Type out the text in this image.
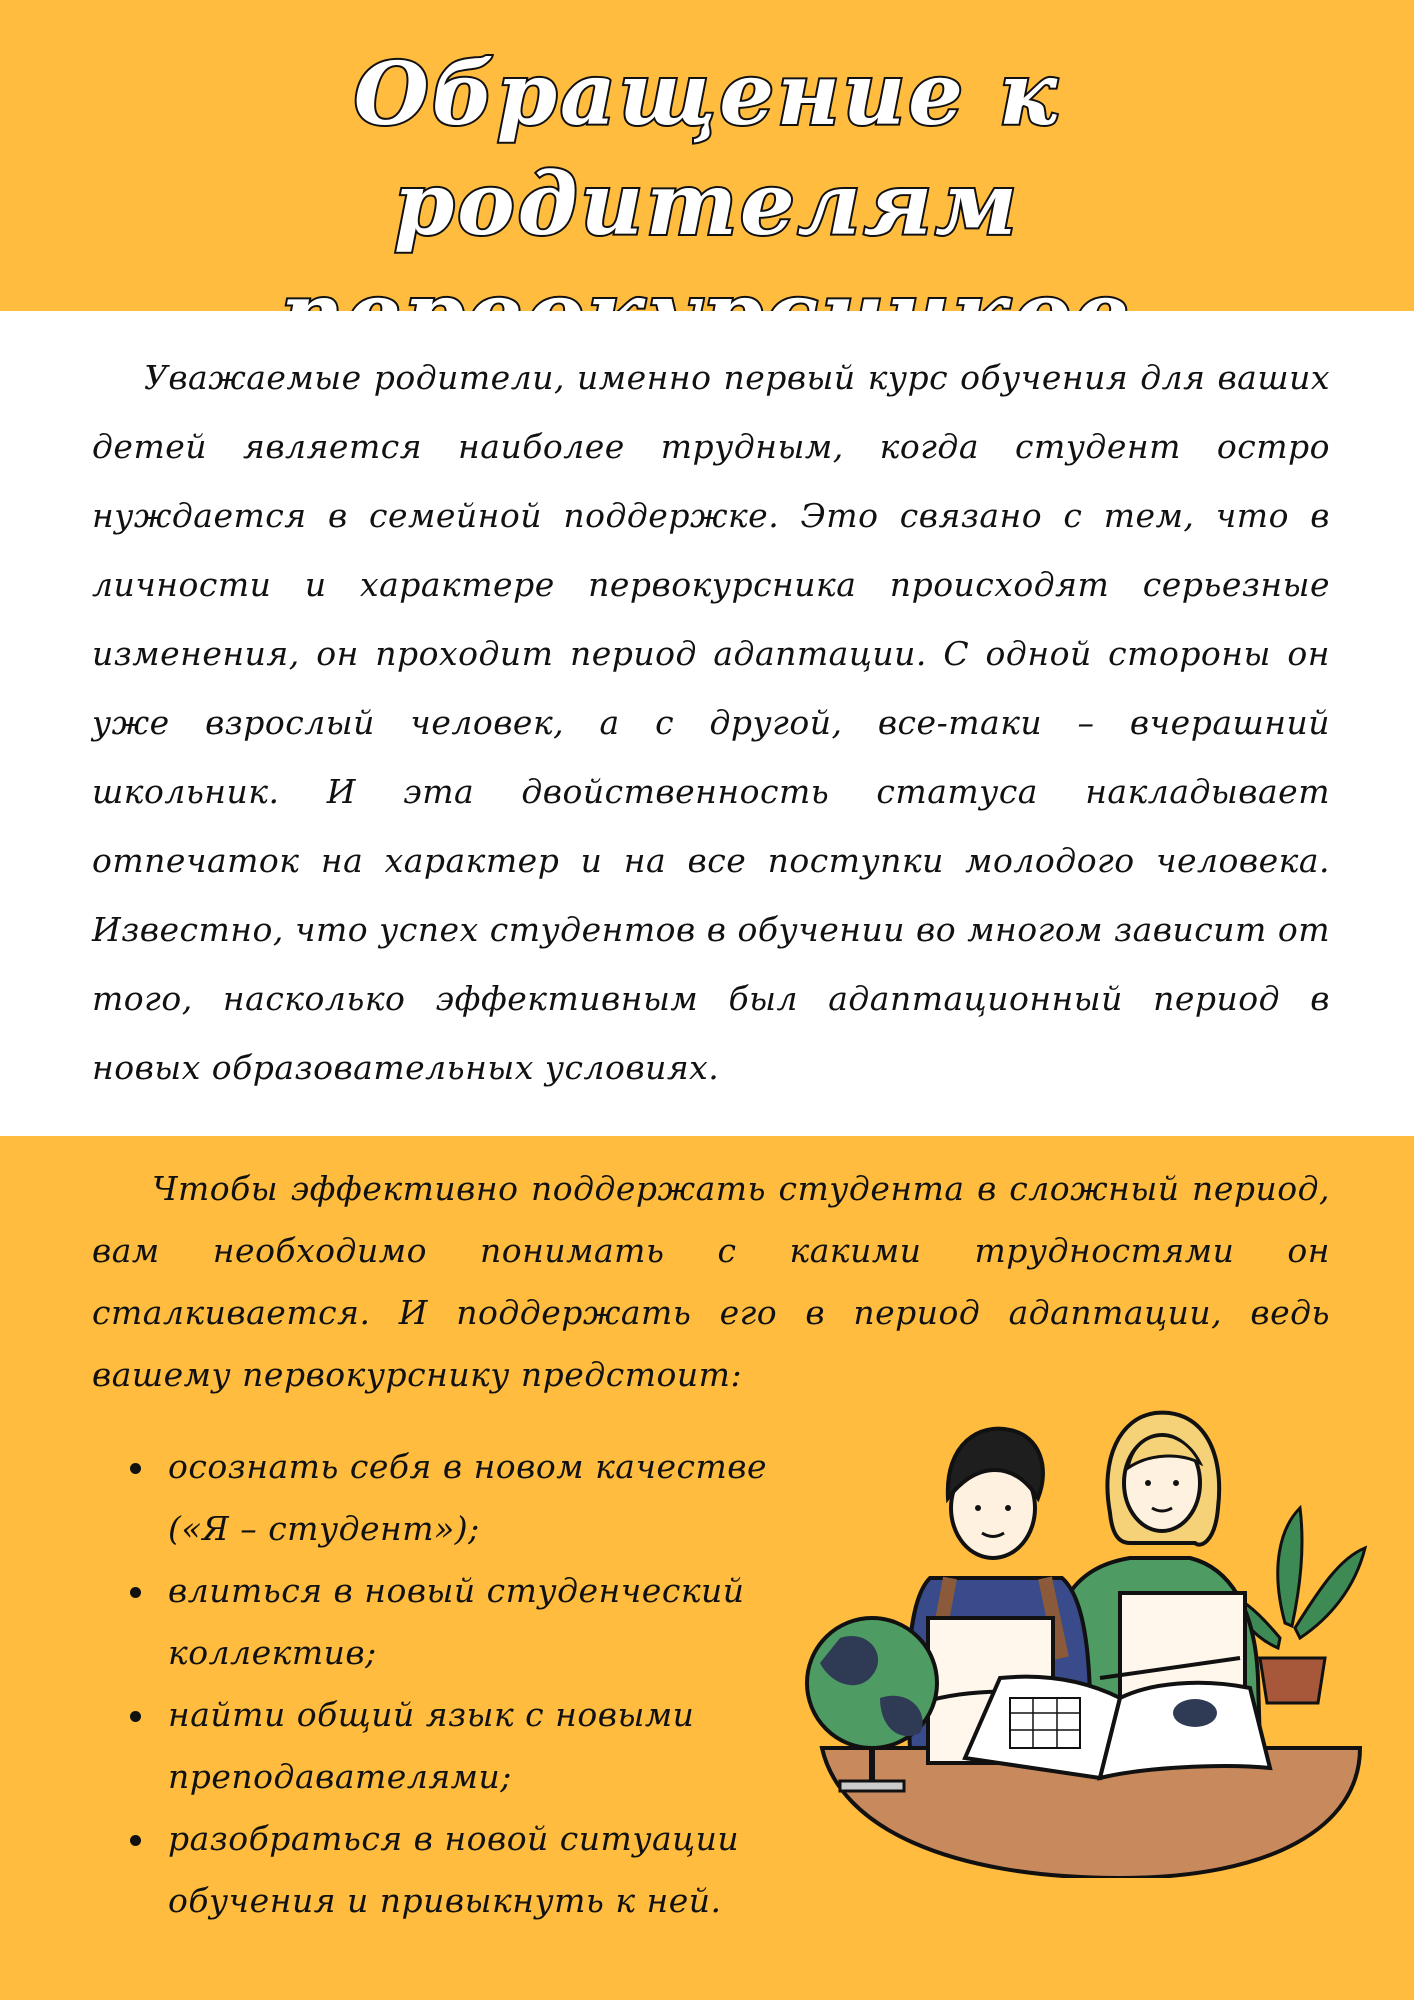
Обращение к родителям

Уважаемые родители, именно первый курс обучения для ваших детей является наиболее трудным, когда студент остро нуждается в семейной поддержке. Это связано с тем, что в личности и характере первокурсника происходят серьезные изменения, он проходит период адаптации. С одной стороны он уже взрослый человек, а с другой, все-таки – вчерашний школьник. И эта двойственность статуса накладывает отпечаток на характер и на все поступки молодого человека. Известно, что успех студентов в обучении во многом зависит от того, насколько эффективным был адаптационный период в новых образовательных условиях.

Чтобы эффективно поддержать студента в сложный период, вам необходимо понимать с какими трудностями он сталкивается. И поддержать его в период адаптации, ведь вашему первокурснику предстоит:

осознать себя в новом качестве («Я – студент»);
влиться в новый студенческий коллектив;
найти общий язык с новыми преподавателями;
разобраться в новой ситуации обучения и привыкнуть к ней.
